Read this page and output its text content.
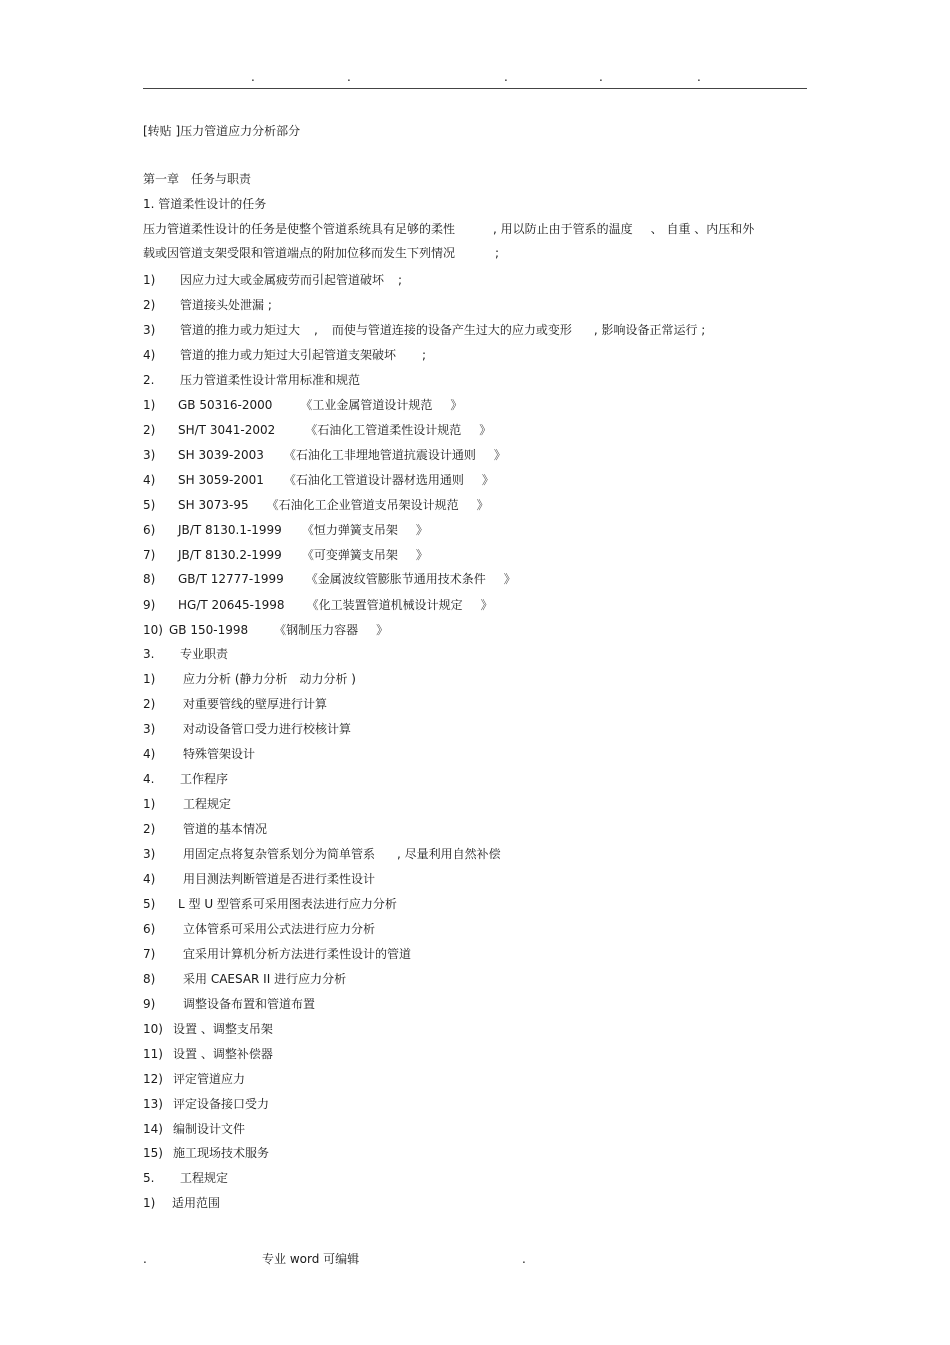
.	.	.	.	.
[转贴 ]压力管道应力分析部分
第一章　任务与职责
1. 管道柔性设计的任务
压力管道柔性设计的任务是使整个管道系统具有足够的柔性	, 用以防止由于管系的温度 、 自重 、内压和外
载或因管道支架受限和管道端点的附加位移而发生下列情况	;
1) 因应力过大或金属疲劳而引起管道破坏 ;
2) 管道接头处泄漏 ;
3) 管道的推力或力矩过大 , 而使与管道连接的设备产生过大的应力或变形 , 影响设备正常运行 ;
4) 管道的推力或力矩过大引起管道支架破坏 ;
2. 压力管道柔性设计常用标准和规范
1) GB 50316-2000 《工业金属管道设计规范 》
2) SH/T 3041-2002	《石油化工管道柔性设计规范 》
3) SH 3039-2003 《石油化工非埋地管道抗震设计通则 》
4) SH 3059-2001 《石油化工管道设计器材选用通则 》
5) SH 3073-95 《石油化工企业管道支吊架设计规范 》
6) JB/T 8130.1-1999 《恒力弹簧支吊架 》
7) JB/T 8130.2-1999 《可变弹簧支吊架 》
8) GB/T 12777-1999 《金属波纹管膨胀节通用技术条件 》
9) HG/T 20645-1998 《化工装置管道机械设计规定 》
10) GB 150-1998 《钢制压力容器 》
3. 专业职责
1) 应力分析 (静力分析　动力分析 )
2) 对重要管线的壁厚进行计算
3) 对动设备管口受力进行校核计算
4) 特殊管架设计
4. 工作程序
1) 工程规定
2) 管道的基本情况
3) 用固定点将复杂管系划分为简单管系 , 尽量利用自然补偿
4) 用目测法判断管道是否进行柔性设计
5) L 型 U 型管系可采用图表法进行应力分析
6) 立体管系可采用公式法进行应力分析
7) 宜采用计算机分析方法进行柔性设计的管道
8) 采用 CAESAR II 进行应力分析
9) 调整设备布置和管道布置
10) 设置 、调整支吊架
11) 设置 、调整补偿器
12) 评定管道应力
13) 评定设备接口受力
14) 编制设计文件
15) 施工现场技术服务
5. 工程规定
1) 适用范围
.	专业 word 可编辑	.
